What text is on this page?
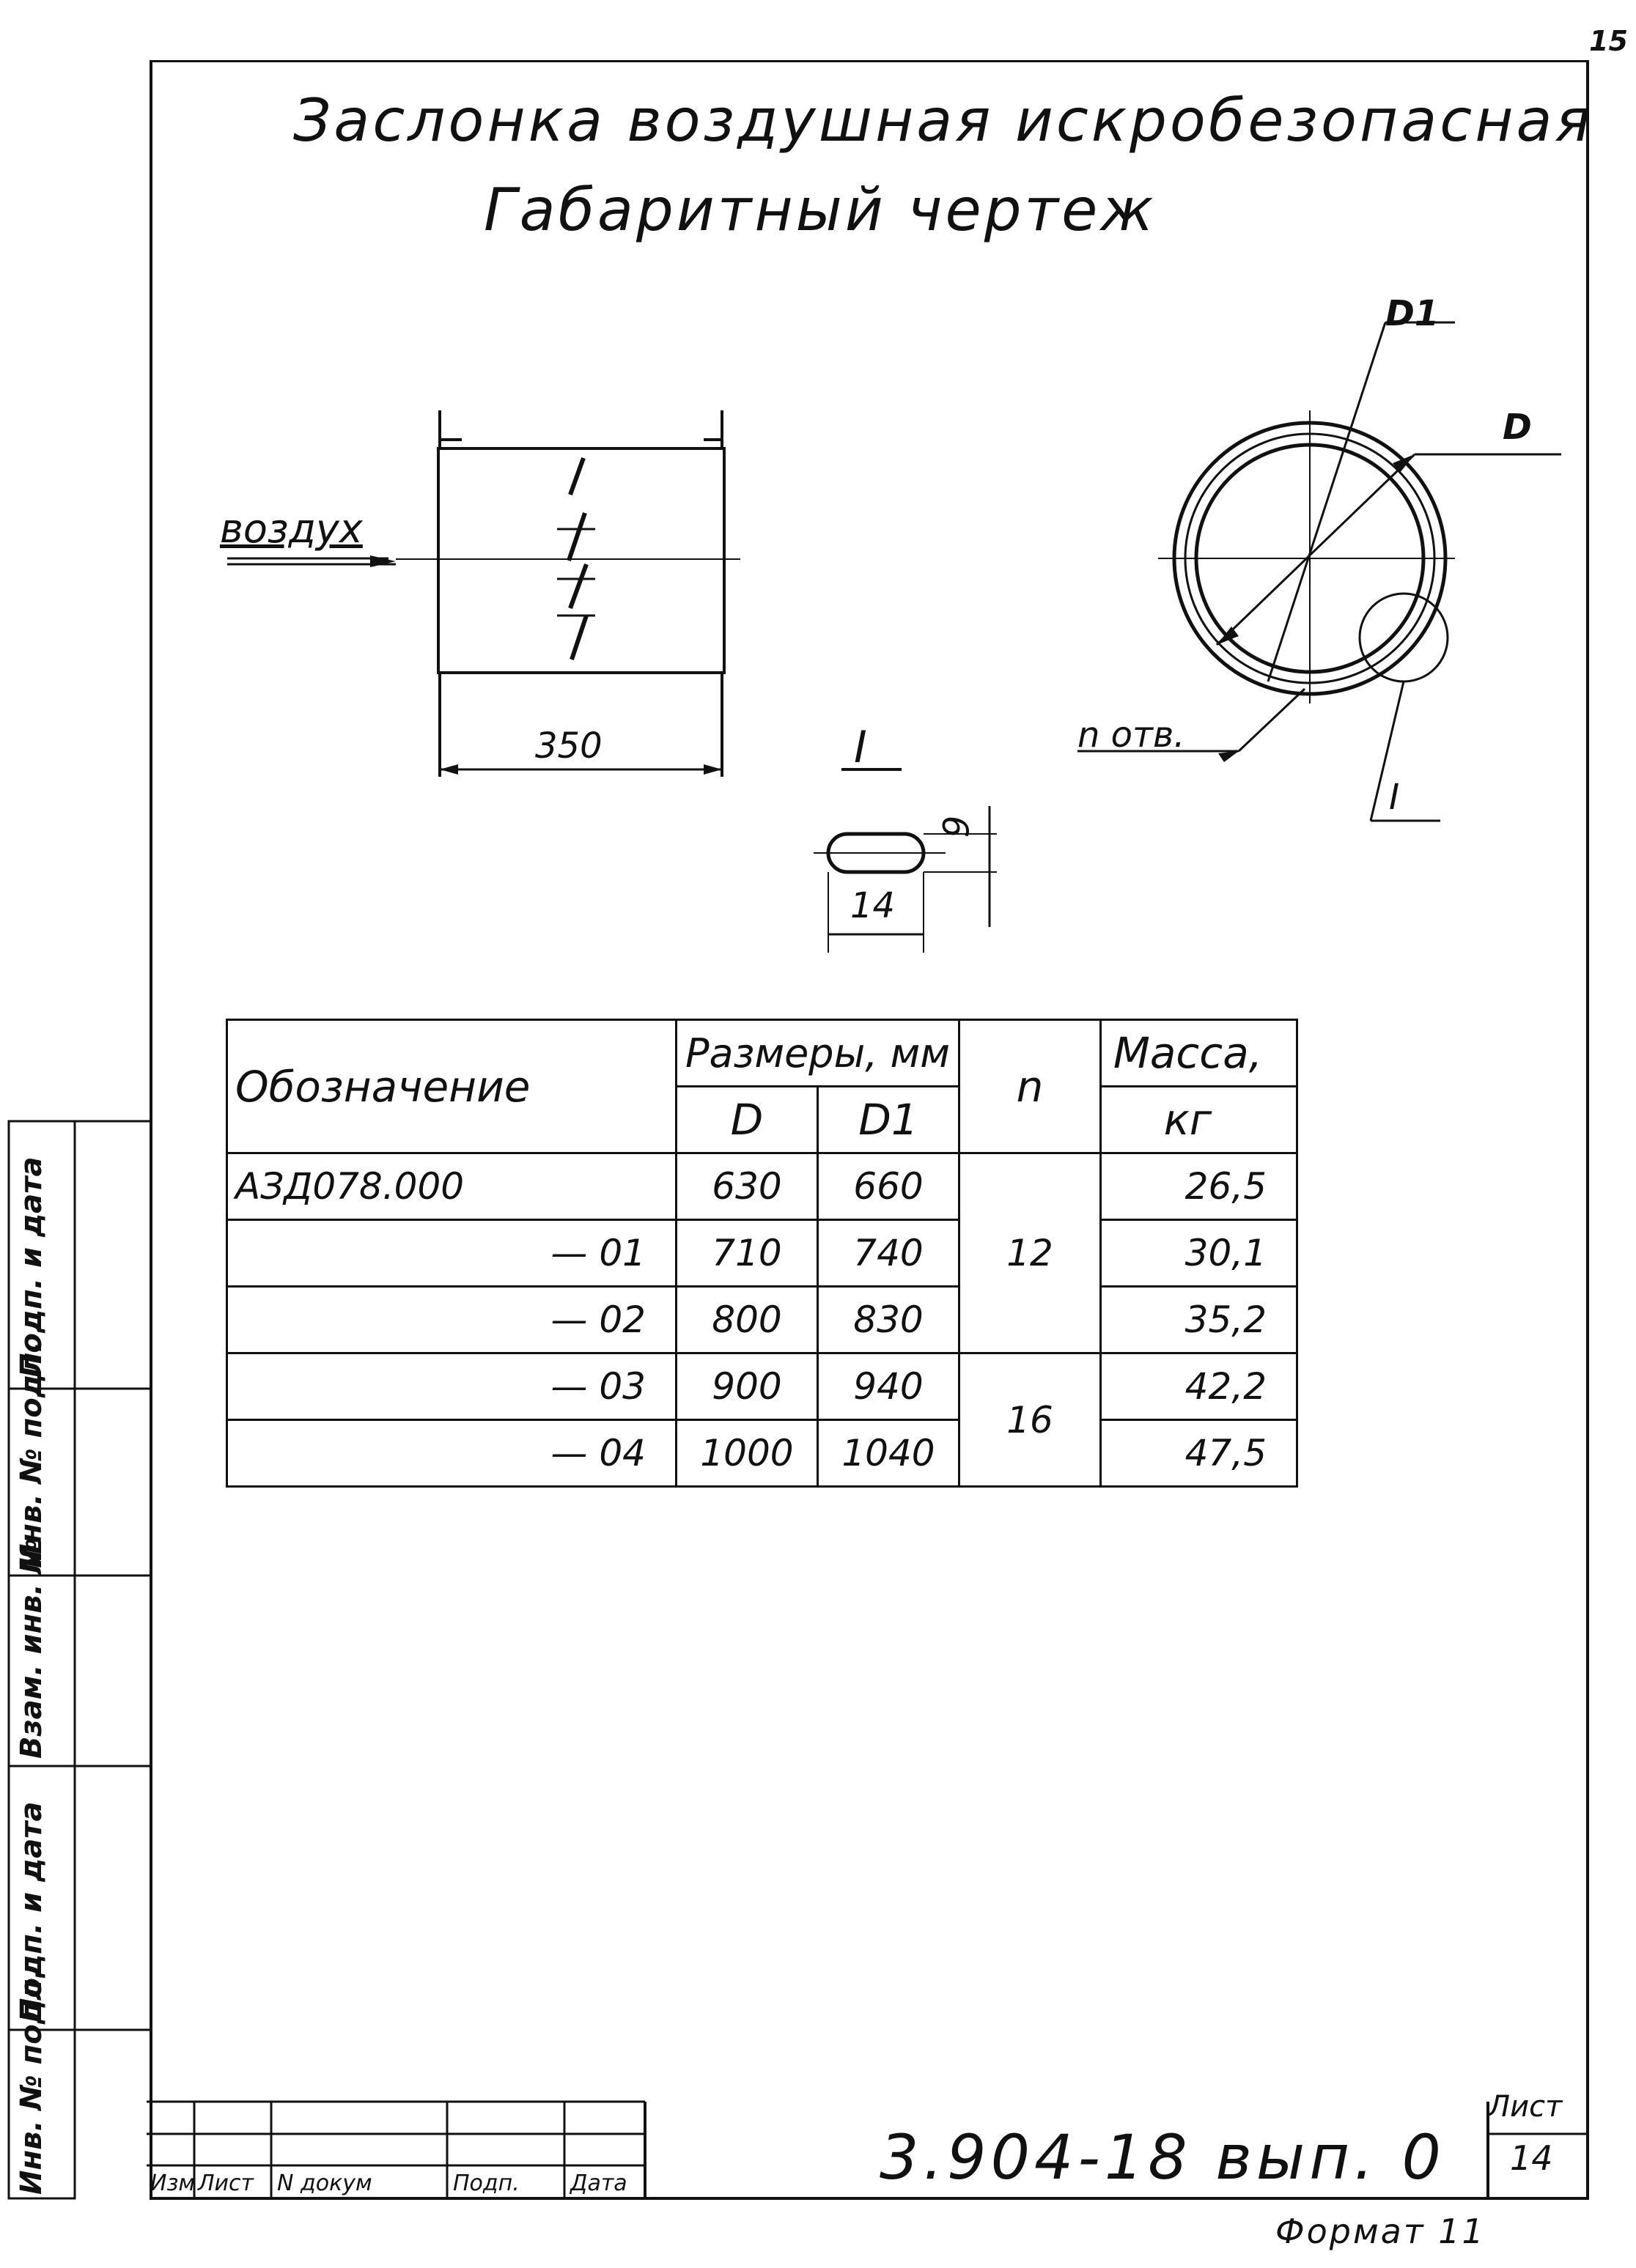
15
Заслонка воздушная искробезопасная
Габаритный чертеж
воздух
350
D1
D
n отв.
I
I
9
14
Обозначение	Размеры, мм		n	Масса,
	D	D1		кг
АЗД078.000	630	660	12	26,5
— 01	710	740		30,1
— 02	800	830		35,2
— 03	900	940	16	42,2
— 04	1000	1040		47,5
Подп. и дата
Инв. № подл.
Взам. инв. №
Подп. и дата
Инв. № подл.	Изм Лист N докум	Подп. Дата	3.904-18 вып. 0
Лист
14
Формат 11
